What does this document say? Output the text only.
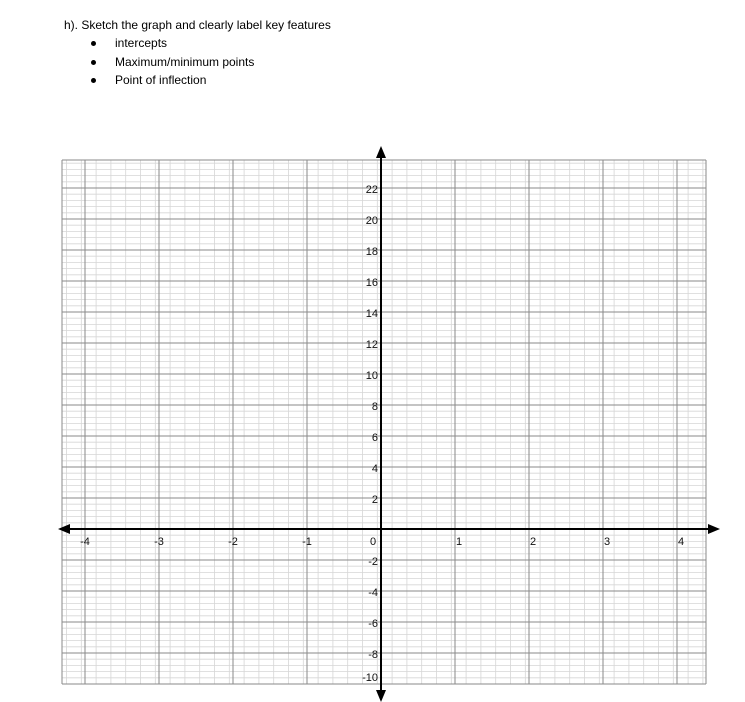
h). Sketch the graph and clearly label key features
intercepts
Maximum/minimum points
Point of inflection
-4	-3	-2	-1	0	1	2	3	4
22
20
18
16
14
12
10
8
6
4
2
-2
-4
-6
-8
-10
